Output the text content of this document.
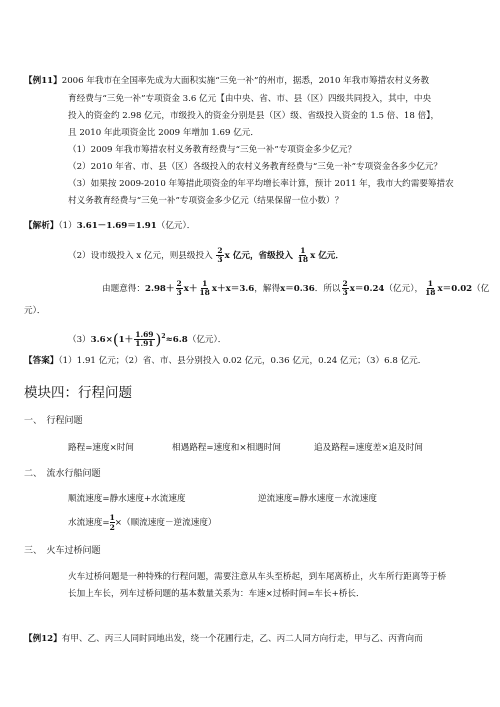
【例11】2006 年我市在全国率先成为大面积实施“三免一补”的州市，据悉，2010 年我市筹措农村义务教
育经费与“三免一补”专项资金 3.6 亿元【由中央、省、市、县（区）四级共同投入，其中，中央
投入的资金约 2.98 亿元，市级投入的资金分别是县（区）级、省级投入资金的 1.5 倍、18 倍】，
且 2010 年此项资金比 2009 年增加 1.69 亿元．
（1）2009 年我市筹措农村义务教育经费与“三免一补”专项资金多少亿元？
（2）2010 年省、市、县（区）各级投入的农村义务教育经费与“三免一补”专项资金各多少亿元？
（3）如果按 2009-2010 年筹措此项资金的年平均增长率计算，预计 2011 年，我市大约需要筹措农
村义务教育经费与“三免一补”专项资金多少亿元（结果保留一位小数）？
【解析】（1）3.61－1.69＝1.91（亿元）．
（2）设市级投入 x 亿元，则县级投入 $\frac{2}{3}$ x 亿元，省级投入 $\frac{1}{18}$ x 亿元．
由题意得：$2.98+ \frac{2}{3} x+ \frac{1}{18} x+x=3.6$，解得x＝0.36．所以 $\frac{2}{3} x=0.24$（亿元）， $\frac{1}{18} x=0.02$（亿
元）．
$(3)3.6\times(1+ \frac{1.69}{1.91} )^2\approx 6.8$（亿元）．
【答案】（1）1.91 亿元；（2）省、市、县分别投入 0.02 亿元，0.36 亿元，0.24 亿元；（3）6.8 亿元．
模块四：行程问题
一、　行程问题
路程=速度×时间	相遇路程=速度和×相遇时间	追及路程=速度差×追及时间
二、　流水行船问题
顺流速度=静水速度+水流速度	逆流速度=静水速度－水流速度
水流速度= $\frac{1}{2}$ ×（顺流速度－逆流速度）
三、　火车过桥问题
火车过桥问题是一种特殊的行程问题，需要注意从车头至桥起，到车尾离桥止，火车所行距离等于桥
长加上车长，列车过桥问题的基本数量关系为：车速×过桥时间=车长+桥长．
【例12】有甲、乙、丙三人同时同地出发，绕一个花圃行走，乙、丙二人同方向行走，甲与乙、丙背向而
